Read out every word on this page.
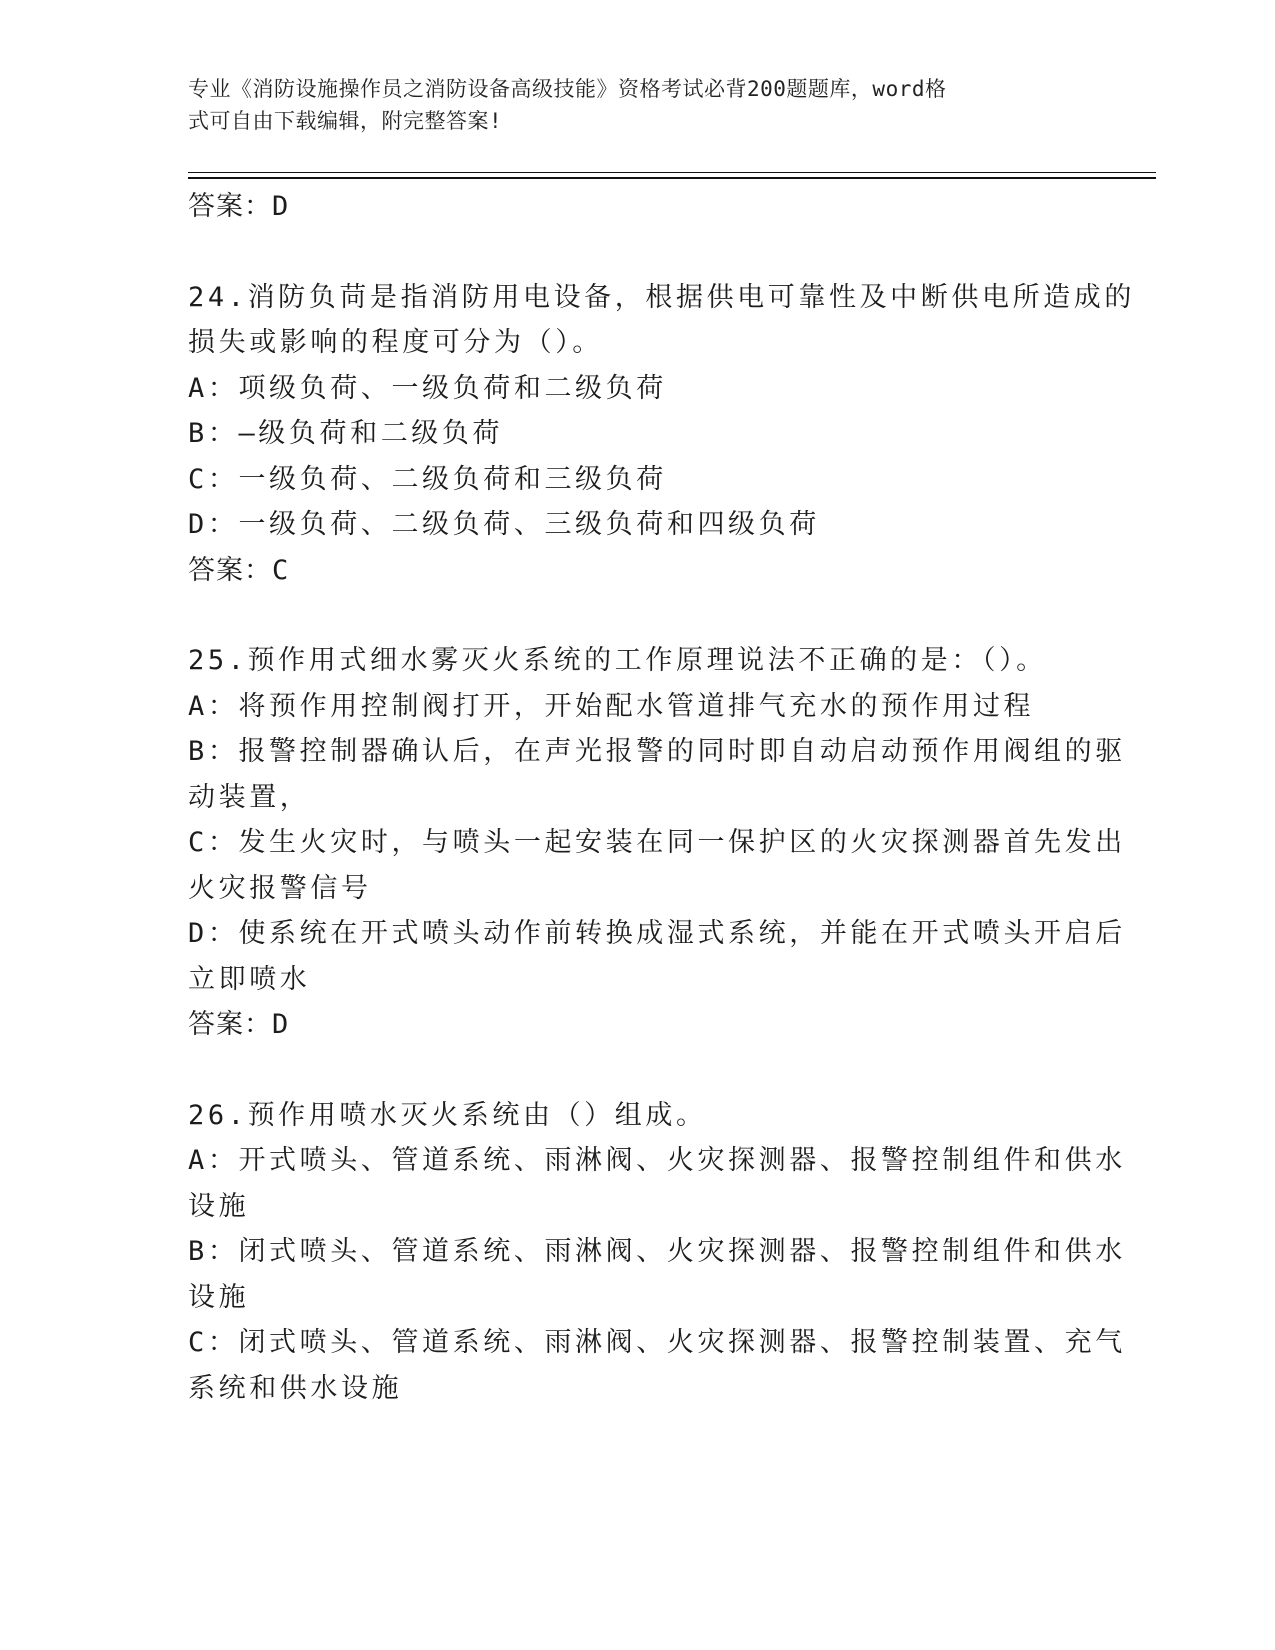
专业《消防设施操作员之消防设备高级技能》资格考试必背200题题库，word格
式可自由下载编辑，附完整答案!
答案：D
24.消防负苘是指消防用电设备，根据供电可靠性及中断供电所造成的
损失或影响的程度可分为（）。
A：项级负荷、一级负荷和二级负荷
B：—级负荷和二级负荷
C：一级负荷、二级负荷和三级负荷
D：一级负荷、二级负荷、三级负荷和四级负荷
答案：C
25.预作用式细水雾灭火系统的工作原理说法不正确的是：（）。
A：将预作用控制阀打开，开始配水管道排气充水的预作用过程
B：报警控制器确认后，在声光报警的同时即自动启动预作用阀组的驱
动装置，
C：发生火灾时，与喷头一起安装在同一保护区的火灾探测器首先发出
火灾报警信号
D：使系统在开式喷头动作前转换成湿式系统，并能在开式喷头开启后
立即喷水
答案：D
26.预作用喷水灭火系统由（）组成。
A：开式喷头、管道系统、雨淋阀、火灾探测器、报警控制组件和供水
设施
B：闭式喷头、管道系统、雨淋阀、火灾探测器、报警控制组件和供水
设施
C：闭式喷头、管道系统、雨淋阀、火灾探测器、报警控制装置、充气
系统和供水设施
